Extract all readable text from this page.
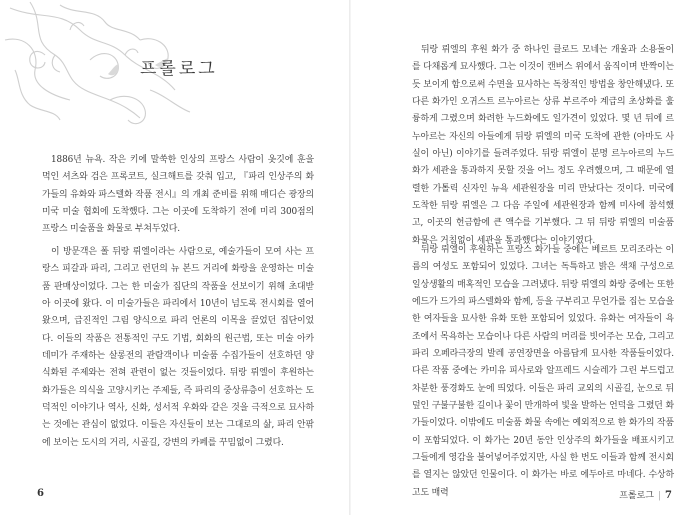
프롤로그

1886년 뉴욕. 작은 키에 말쑥한 인상의 프랑스 사람이 옷깃에 훈을 먹인 셔츠와 검은 프록코트, 실크해트를 갖춰 입고, 『파리 인상주의 화가들의 유화와 파스텔화 작품 전시』의 개최 준비를 위해 매디슨 광장의 미국 미술 협회에 도착했다. 그는 이곳에 도착하기 전에 미리 300점의 프랑스 미술품을 화물로 부쳐두었다.

이 방문객은 폴 뒤랑 뤼엘이라는 사람으로, 예술가들이 모여 사는 프랑스 피갈과 파리, 그리고 런던의 뉴 본드 거리에 화랑을 운영하는 미술품 판매상이었다. 그는 한 미술가 집단의 작품을 선보이기 위해 초대받아 이곳에 왔다. 이 미술가들은 파리에서 10년이 넘도록 전시회를 열어 왔으며, 급진적인 그림 양식으로 파리 언론의 이목을 끌었던 집단이었다. 이들의 작품은 전통적인 구도 기법, 회화의 원근법, 또는 미술 아카데미가 주재하는 살롱전의 관람객이나 미술품 수집가들이 선호하던 양식화된 주제와는 전혀 관련이 없는 것들이었다. 뒤랑 뤼엘이 후원하는 화가들은 의식을 고양시키는 주제들, 즉 파리의 중상류층이 선호하는 도덕적인 이야기나 역사, 신화, 성서적 우화와 같은 것을 극적으로 묘사하는 것에는 관심이 없었다. 이들은 자신들이 보는 그대로의 삶, 파리 안팎에 보이는 도시의 거리, 시골길, 강변의 카페를 꾸밈없이 그렸다.

6

뒤랑 뤼엘의 후원 화가 중 하나인 클로드 모네는 개울과 소용돌이를 다채롭게 묘사했다. 그는 이것이 캔버스 위에서 움직이며 반짝이는 듯 보이게 함으로써 수면을 묘사하는 독창적인 방법을 창안해냈다. 또 다른 화가인 오귀스트 르누아르는 상류 부르주아 계급의 초상화를 훌륭하게 그렸으며 화려한 누드화에도 일가견이 있었다. 몇 년 뒤에 르누아르는 자신의 아들에게 뒤랑 뤼엘의 미국 도착에 관한 (아마도 사실이 아닌) 이야기를 들려주었다. 뒤랑 뤼엘이 분명 르누아르의 누드화가 세관을 통과하지 못할 것을 어느 정도 우려했으며, 그 때문에 열렬한 가톨릭 신자인 뉴욕 세관원장을 미리 만났다는 것이다. 미국에 도착한 뒤랑 뤼엘은 그 다음 주일에 세관원장과 함께 미사에 참석했고, 이곳의 헌금함에 큰 액수를 기부했다. 그 뒤 뒤랑 뤼엘의 미술품 화물은 거침없이 세관을 통과했다는 이야기였다.

뒤랑 뤼엘이 후원하는 프랑스 화가들 중에는 베르트 모리조라는 이름의 여성도 포함되어 있었다. 그녀는 독특하고 밝은 색채 구성으로 일상생활의 매혹적인 모습을 그려냈다. 뒤랑 뤼엘의 화랑 중에는 또한 에드가 드가의 파스텔화와 함께, 등을 구부리고 무언가를 집는 모습을 한 여자들을 묘사한 유화 또한 포함되어 있었다. 유화는 여자들이 욕조에서 목욕하는 모습이나 다른 사람의 머리를 빗어주는 모습, 그리고 파리 오페라극장의 발레 공연장면을 아름답게 묘사한 작품들이었다. 다른 작품 중에는 카미유 피사로와 알프레드 시슬레가 그린 부드럽고 차분한 풍경화도 눈에 띄었다. 이들은 파리 교외의 시골길, 눈으로 뒤덮인 구불구불한 길이나 꽃이 만개하여 빛을 발하는 언덕을 그렸던 화가들이었다. 이밖에도 미술품 화물 속에는 예외적으로 한 화가의 작품이 포함되었다. 이 화가는 20년 동안 인상주의 화가들을 배표시키고 그들에게 영감을 불어넣어주었지만, 사실 한 번도 이들과 함께 전시회를 열지는 않았던 인물이다. 이 화가는 바로 에두아르 마네다. 수상하고도 매력	프롤로그 | 7
